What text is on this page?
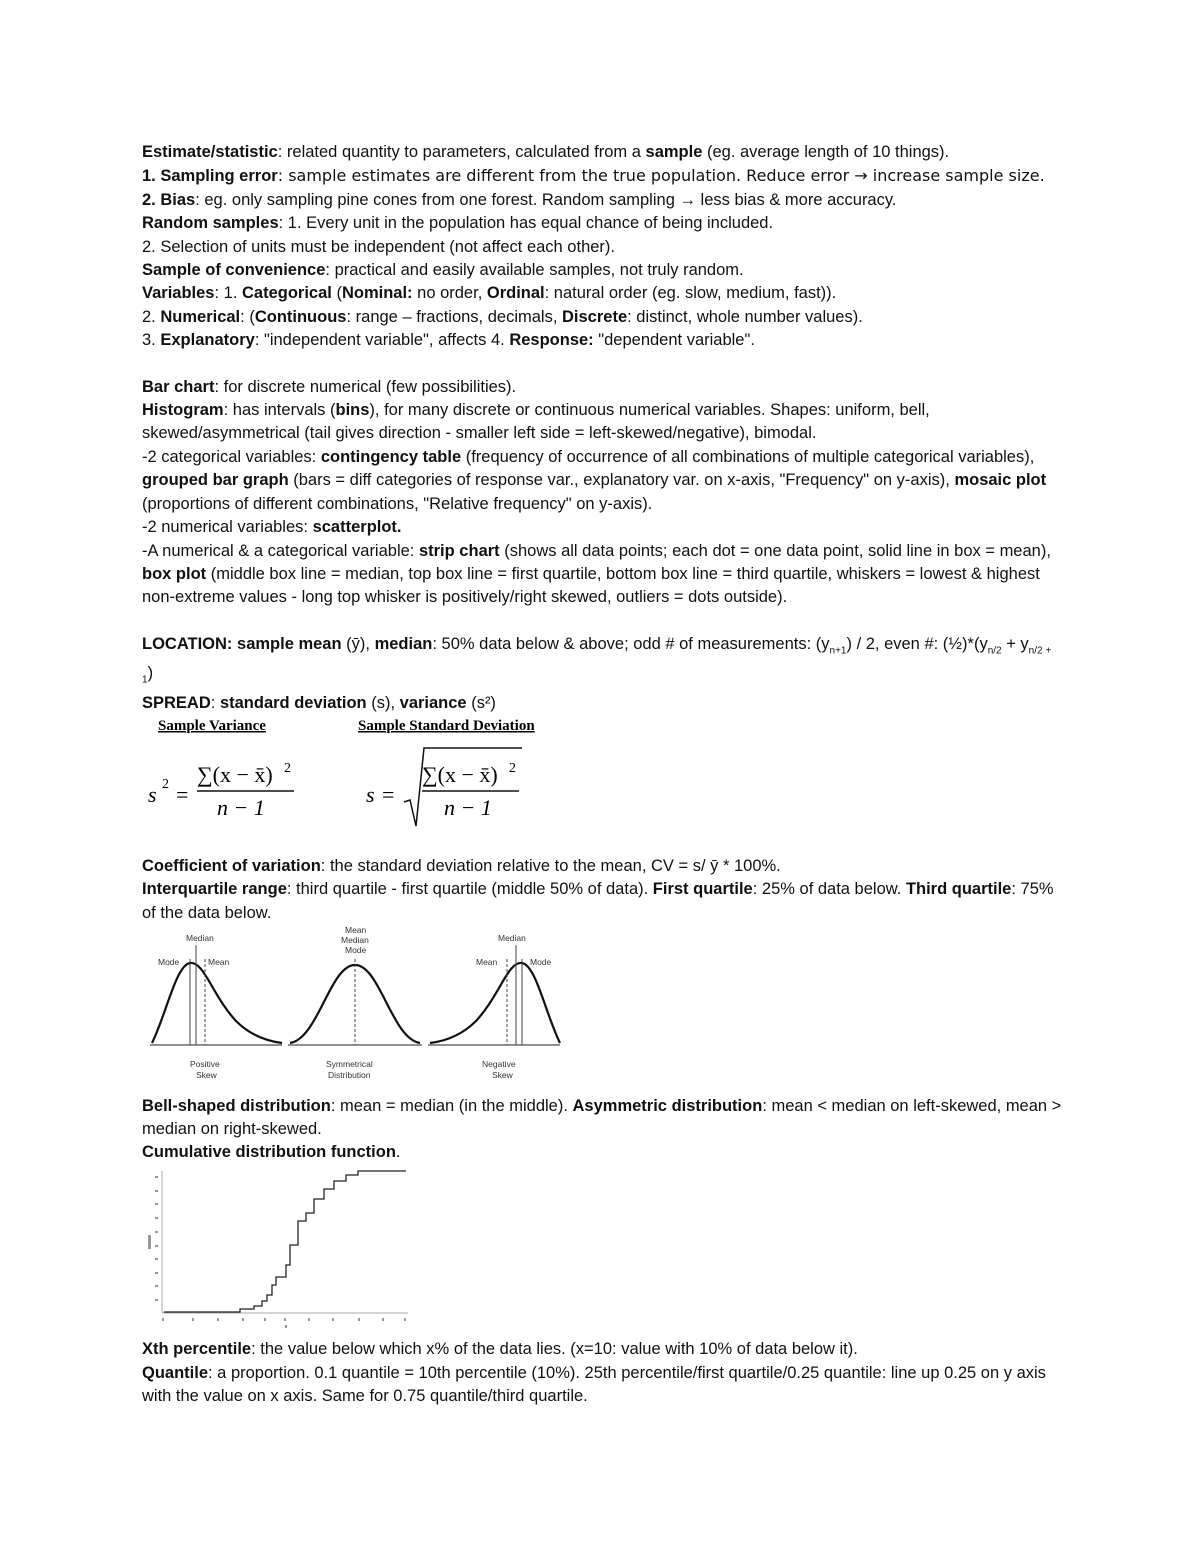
Estimate/statistic: related quantity to parameters, calculated from a sample (eg. average length of 10 things).

1. Sampling error: sample estimates are different from the true population. Reduce error → increase sample size.

2. Bias: eg. only sampling pine cones from one forest. Random sampling → less bias & more accuracy.

Random samples: 1. Every unit in the population has equal chance of being included.

2. Selection of units must be independent (not affect each other).

Sample of convenience: practical and easily available samples, not truly random.

Variables: 1. Categorical (Nominal: no order, Ordinal: natural order (eg. slow, medium, fast)).

2. Numerical: (Continuous: range – fractions, decimals, Discrete: distinct, whole number values).

3. Explanatory: "independent variable", affects 4. Response: "dependent variable".

Bar chart: for discrete numerical (few possibilities).

Histogram: has intervals (bins), for many discrete or continuous numerical variables. Shapes: uniform, bell, skewed/asymmetrical (tail gives direction - smaller left side = left-skewed/negative), bimodal.

-2 categorical variables: contingency table (frequency of occurrence of all combinations of multiple categorical variables), grouped bar graph (bars = diff categories of response var., explanatory var. on x-axis, "Frequency" on y-axis), mosaic plot (proportions of different combinations, "Relative frequency" on y-axis).

-2 numerical variables: scatterplot.

-A numerical & a categorical variable: strip chart (shows all data points; each dot = one data point, solid line in box = mean), box plot (middle box line = median, top box line = first quartile, bottom box line = third quartile, whiskers = lowest & highest non-extreme values - long top whisker is positively/right skewed, outliers = dots outside).

LOCATION: sample mean (ȳ), median: 50% data below & above; odd # of measurements: $(y_{n+1}) / 2$, even #: $(\frac{1}{2})*(y_{n/2} + y_{n/2 + 1})$

SPREAD: standard deviation (s), variance (s²)

Sample Variance	Sample Standard Deviation
s 2 =
∑(x − x̄) 2
n − 1
s =
∑(x − x̄) 2
n − 1

Coefficient of variation: the standard deviation relative to the mean, CV = s/ ȳ * 100%.

Interquartile range: third quartile - first quartile (middle 50% of data). First quartile: 25% of data below. Third quartile: 75% of the data below.

Median
Mode	Mean
Positive
Skew
Mean
Median
Mode
Symmetrical
Distribution
Median
Mean	Mode
Negative
Skew

Bell-shaped distribution: mean = median (in the middle). Asymmetric distribution: mean < median on left-skewed, mean > median on right-skewed.

Cumulative distribution function.

Xth percentile: the value below which x% of the data lies. (x=10: value with 10% of data below it).

Quantile: a proportion. 0.1 quantile = 10th percentile (10%). 25th percentile/first quartile/0.25 quantile: line up 0.25 on y axis with the value on x axis. Same for 0.75 quantile/third quartile.
